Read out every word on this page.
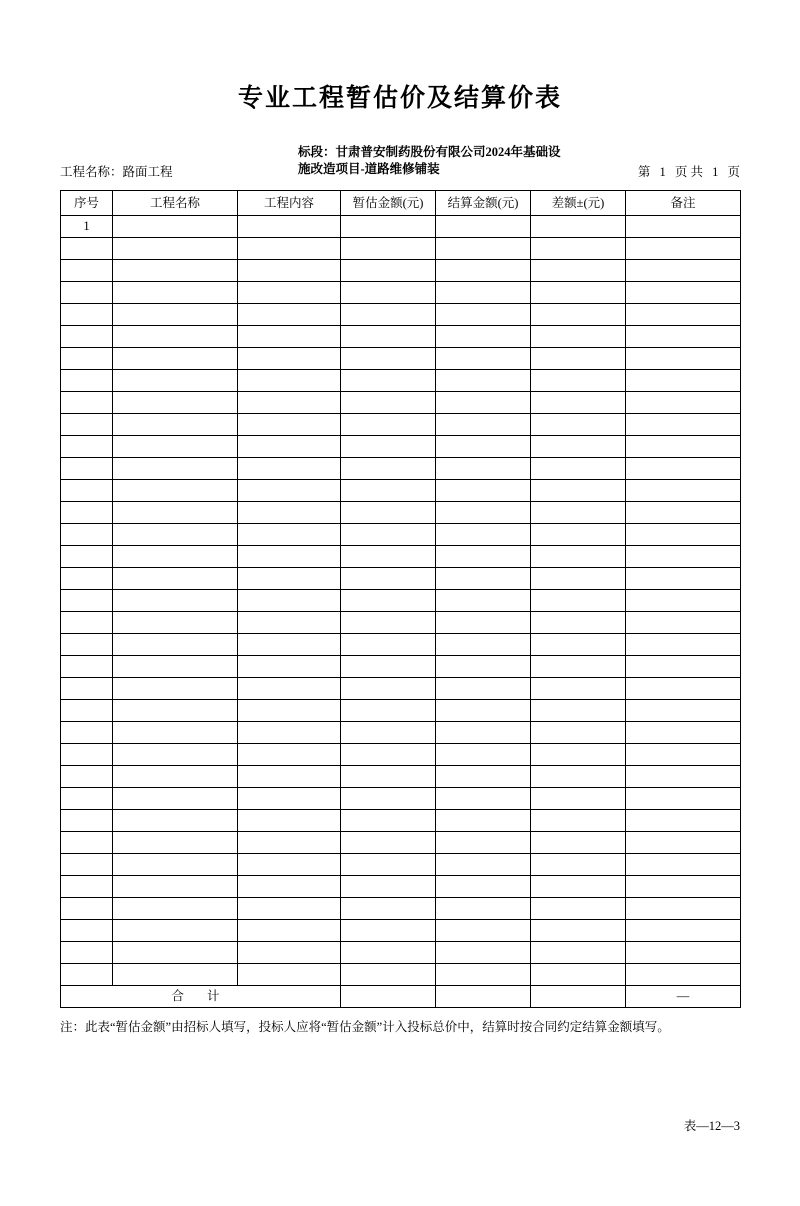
专业工程暂估价及结算价表
工程名称：路面工程
标段：甘肃普安制药股份有限公司2024年基础设
施改造项目-道路维修铺装	第 1 页 共 1 页
序号	工程名称	工程内容	暂估金额(元)	结算金额(元)	差额±(元)	备注
1						

合 计						—
注：此表“暂估金额”由招标人填写，投标人应将“暂估金额”计入投标总价中，结算时按合同约定结算金额填写。
表—12—3
